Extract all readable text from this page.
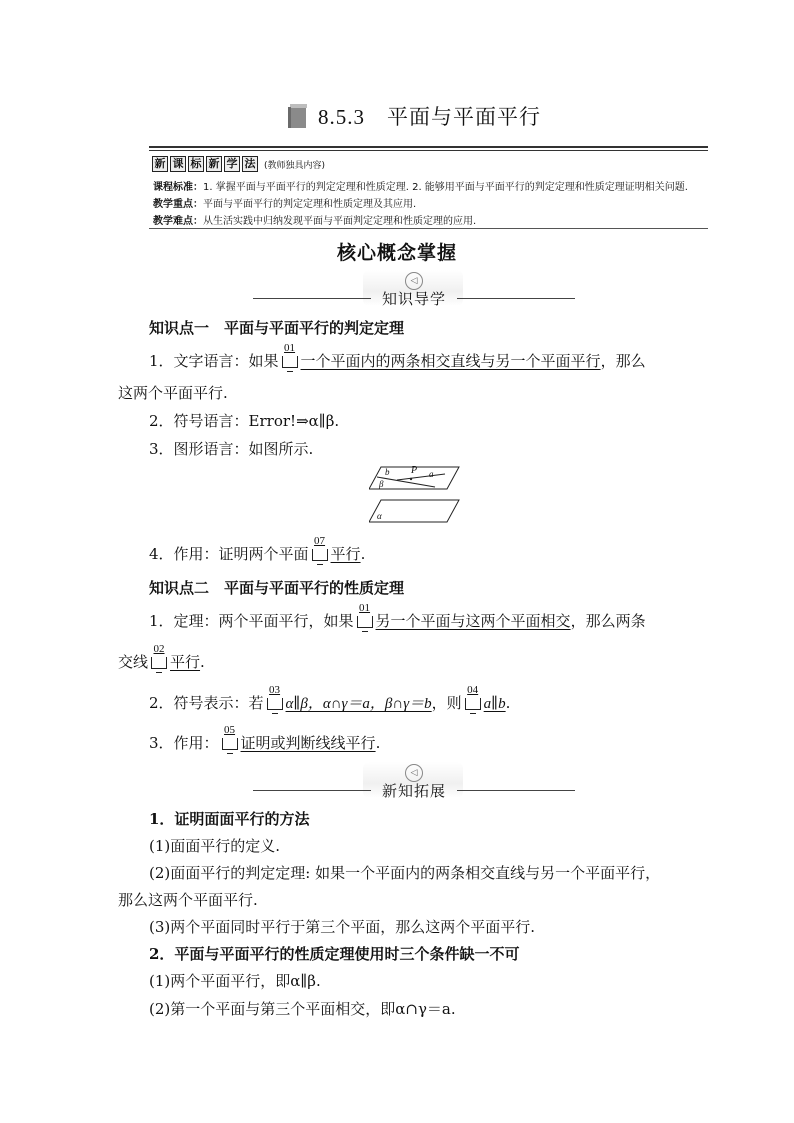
8.5.3　平面与平面平行
新 课 标 新 学 法 (教师独具内容)
课程标准：1. 掌握平面与平面平行的判定定理和性质定理. 2. 能够用平面与平面平行的判定定理和性质定理证明相关问题.
教学重点：平面与平面平行的判定定理和性质定理及其应用.
教学难点：从生活实践中归纳发现平面与平面判定定理和性质定理的应用.
核心概念掌握
◁
知识导学
知识点一　平面与平面平行的判定定理
1．文字语言：如果
01
一个平面内的两条相交直线与另一个平面平行，那么
这两个平面平行.
2．符号语言：Error!⇒α∥β.
3．图形语言：如图所示.
b P a
β
α
4．作用：证明两个平面
07
平行.
知识点二　平面与平面平行的性质定理
1．定理：两个平面平行，如果
01
另一个平面与这两个平面相交，那么两条
交线
02
平行.
2．符号表示：若
03
α∥β，α∩γ＝a，β∩γ＝b，则
04
a∥b.
3．作用：
05
证明或判断线线平行.
◁
新知拓展
1．证明面面平行的方法
(1)面面平行的定义.
(2)面面平行的判定定理: 如果一个平面内的两条相交直线与另一个平面平行，
那么这两个平面平行.
(3)两个平面同时平行于第三个平面，那么这两个平面平行.
2．平面与平面平行的性质定理使用时三个条件缺一不可
(1)两个平面平行，即α∥β.
(2)第一个平面与第三个平面相交，即α∩γ＝a.
